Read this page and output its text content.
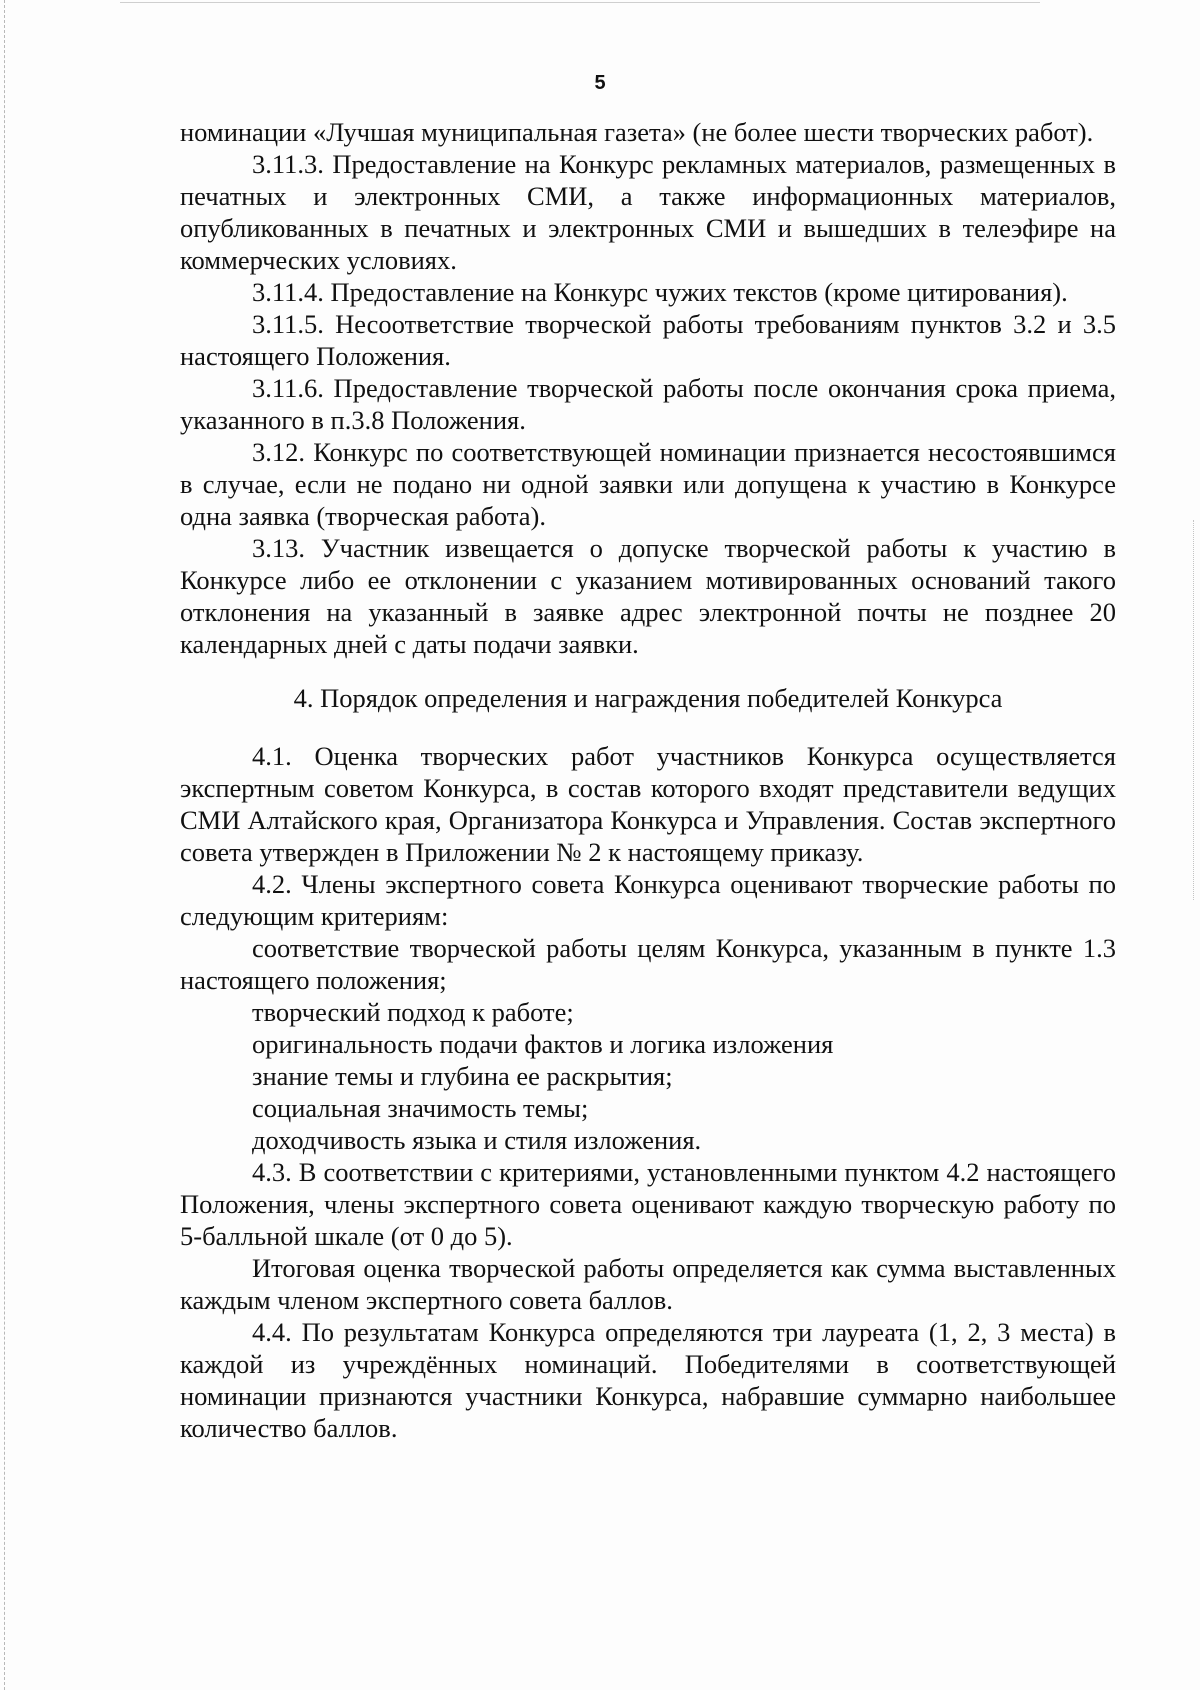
5

номинации «Лучшая муниципальная газета» (не более шести творческих работ).

3.11.3. Предоставление на Конкурс рекламных материалов, размещенных в печатных и электронных СМИ, а также информационных материалов, опубликованных в печатных и электронных СМИ и вышедших в телеэфире на коммерческих условиях.

3.11.4. Предоставление на Конкурс чужих текстов (кроме цитирования).

3.11.5. Несоответствие творческой работы требованиям пунктов 3.2 и 3.5 настоящего Положения.

3.11.6. Предоставление творческой работы после окончания срока приема, указанного в п.3.8 Положения.

3.12. Конкурс по соответствующей номинации признается несостоявшимся в случае, если не подано ни одной заявки или допущена к участию в Конкурсе одна заявка (творческая работа).

3.13. Участник извещается о допуске творческой работы к участию в Конкурсе либо ее отклонении с указанием мотивированных оснований такого отклонения на указанный в заявке адрес электронной почты не позднее 20 календарных дней с даты подачи заявки.

4. Порядок определения и награждения победителей Конкурса

4.1. Оценка творческих работ участников Конкурса осуществляется экспертным советом Конкурса, в состав которого входят представители ведущих СМИ Алтайского края, Организатора Конкурса и Управления. Состав экспертного совета утвержден в Приложении № 2 к настоящему приказу.

4.2. Члены экспертного совета Конкурса оценивают творческие работы по следующим критериям:

соответствие творческой работы целям Конкурса, указанным в пункте 1.3 настоящего положения;

творческий подход к работе;

оригинальность подачи фактов и логика изложения

знание темы и глубина ее раскрытия;

социальная значимость темы;

доходчивость языка и стиля изложения.

4.3. В соответствии с критериями, установленными пунктом 4.2 настоящего Положения, члены экспертного совета оценивают каждую творческую работу по 5-балльной шкале (от 0 до 5).

Итоговая оценка творческой работы определяется как сумма выставленных каждым членом экспертного совета баллов.

4.4. По результатам Конкурса определяются три лауреата (1, 2, 3 места) в каждой из учреждённых номинаций. Победителями в соответствующей номинации признаются участники Конкурса, набравшие суммарно наибольшее количество баллов.
